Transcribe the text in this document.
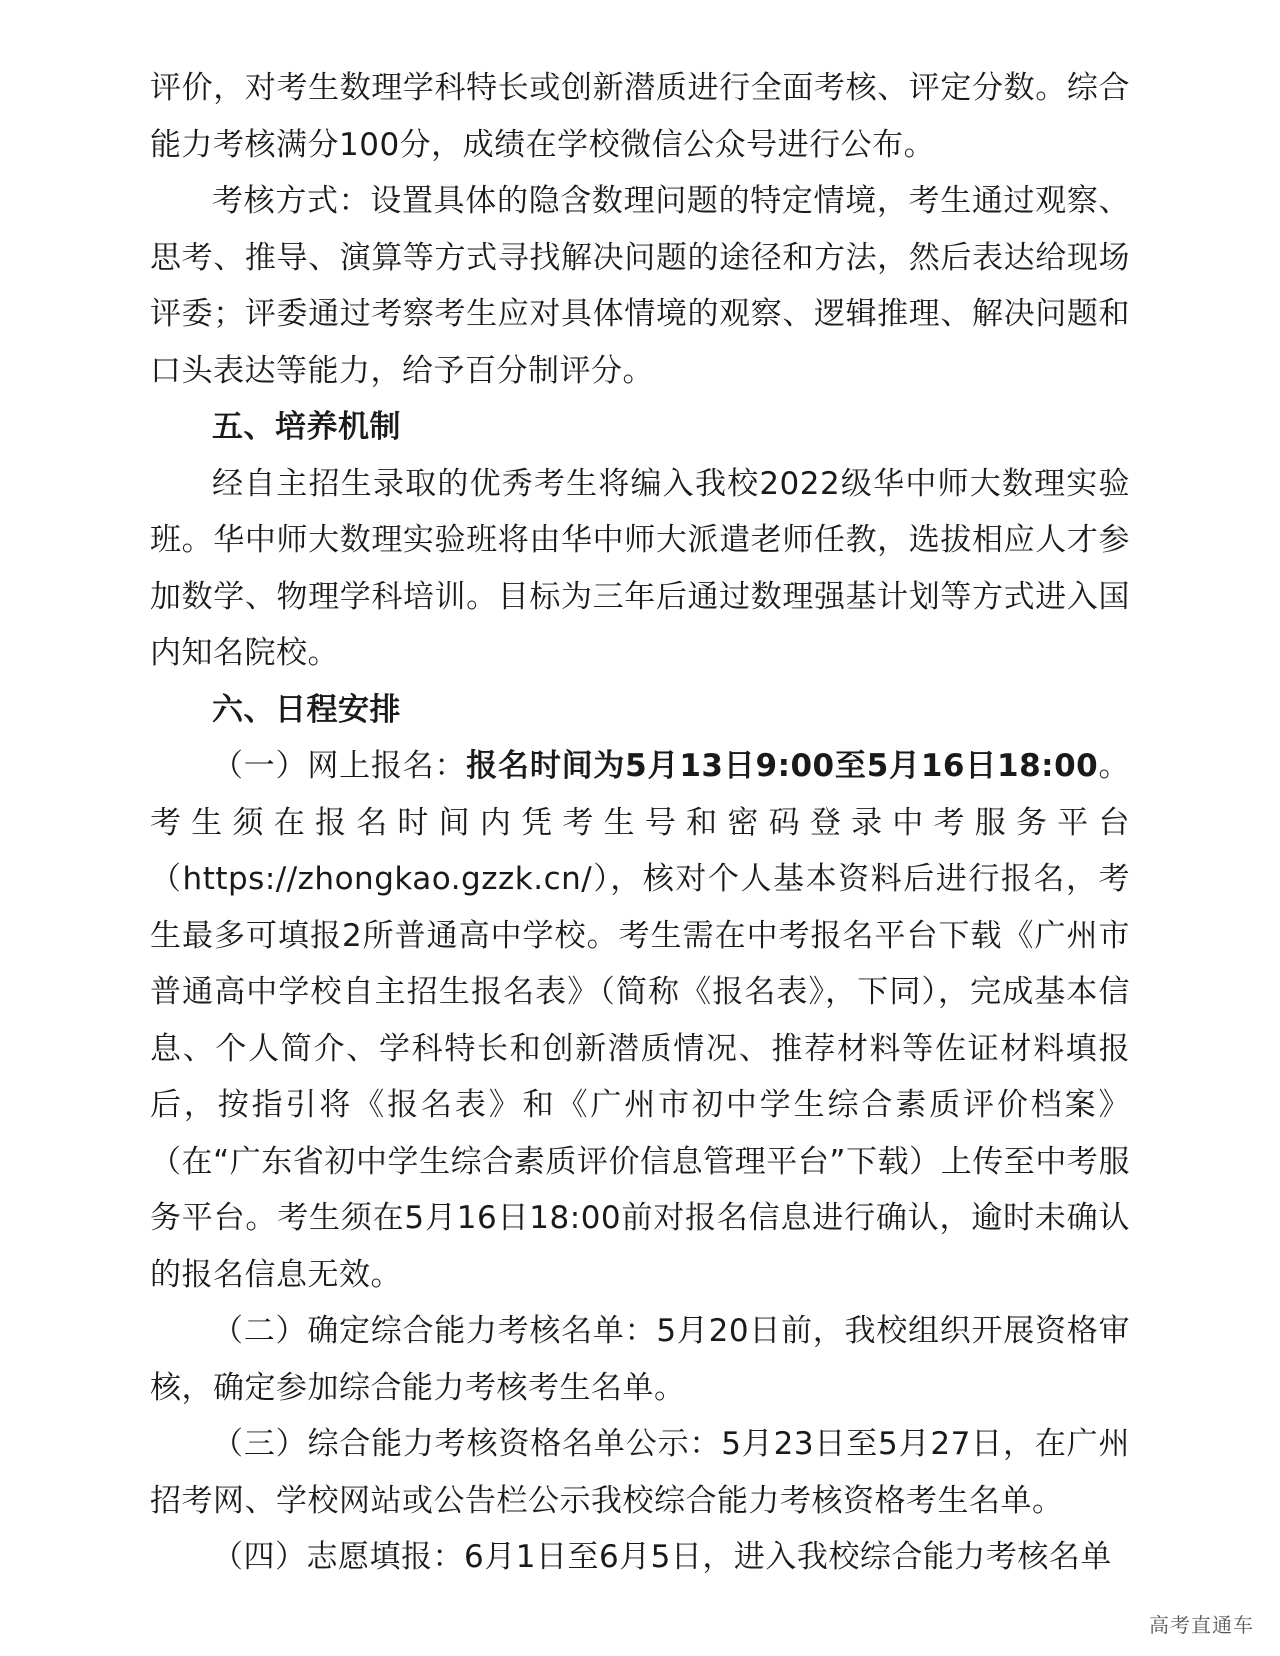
评价，对考生数理学科特长或创新潜质进行全面考核、评定分数。综合能力考核满分100分，成绩在学校微信公众号进行公布。

考核方式：设置具体的隐含数理问题的特定情境，考生通过观察、思考、推导、演算等方式寻找解决问题的途径和方法，然后表达给现场评委；评委通过考察考生应对具体情境的观察、逻辑推理、解决问题和口头表达等能力，给予百分制评分。

五、培养机制

经自主招生录取的优秀考生将编入我校2022级华中师大数理实验班。华中师大数理实验班将由华中师大派遣老师任教，选拔相应人才参加数学、物理学科培训。目标为三年后通过数理强基计划等方式进入国内知名院校。

六、日程安排

（一）网上报名：报名时间为5月13日9:00至5月16日18:00。考生须在报名时间内凭考生号和密码登录中考服务平台

（https://zhongkao.gzzk.cn/），核对个人基本资料后进行报名，考生最多可填报2所普通高中学校。考生需在中考报名平台下载《广州市普通高中学校自主招生报名表》（简称《报名表》，下同），完成基本信息、个人简介、学科特长和创新潜质情况、推荐材料等佐证材料填报后，按指引将《报名表》和《广州市初中学生综合素质评价档案》（在“广东省初中学生综合素质评价信息管理平台”下载）上传至中考服务平台。考生须在5月16日18:00前对报名信息进行确认，逾时未确认的报名信息无效。

（二）确定综合能力考核名单：5月20日前，我校组织开展资格审核，确定参加综合能力考核考生名单。

（三）综合能力考核资格名单公示：5月23日至5月27日，在广州招考网、学校网站或公告栏公示我校综合能力考核资格考生名单。

（四）志愿填报：6月1日至6月5日，进入我校综合能力考核名单

高考直通车
